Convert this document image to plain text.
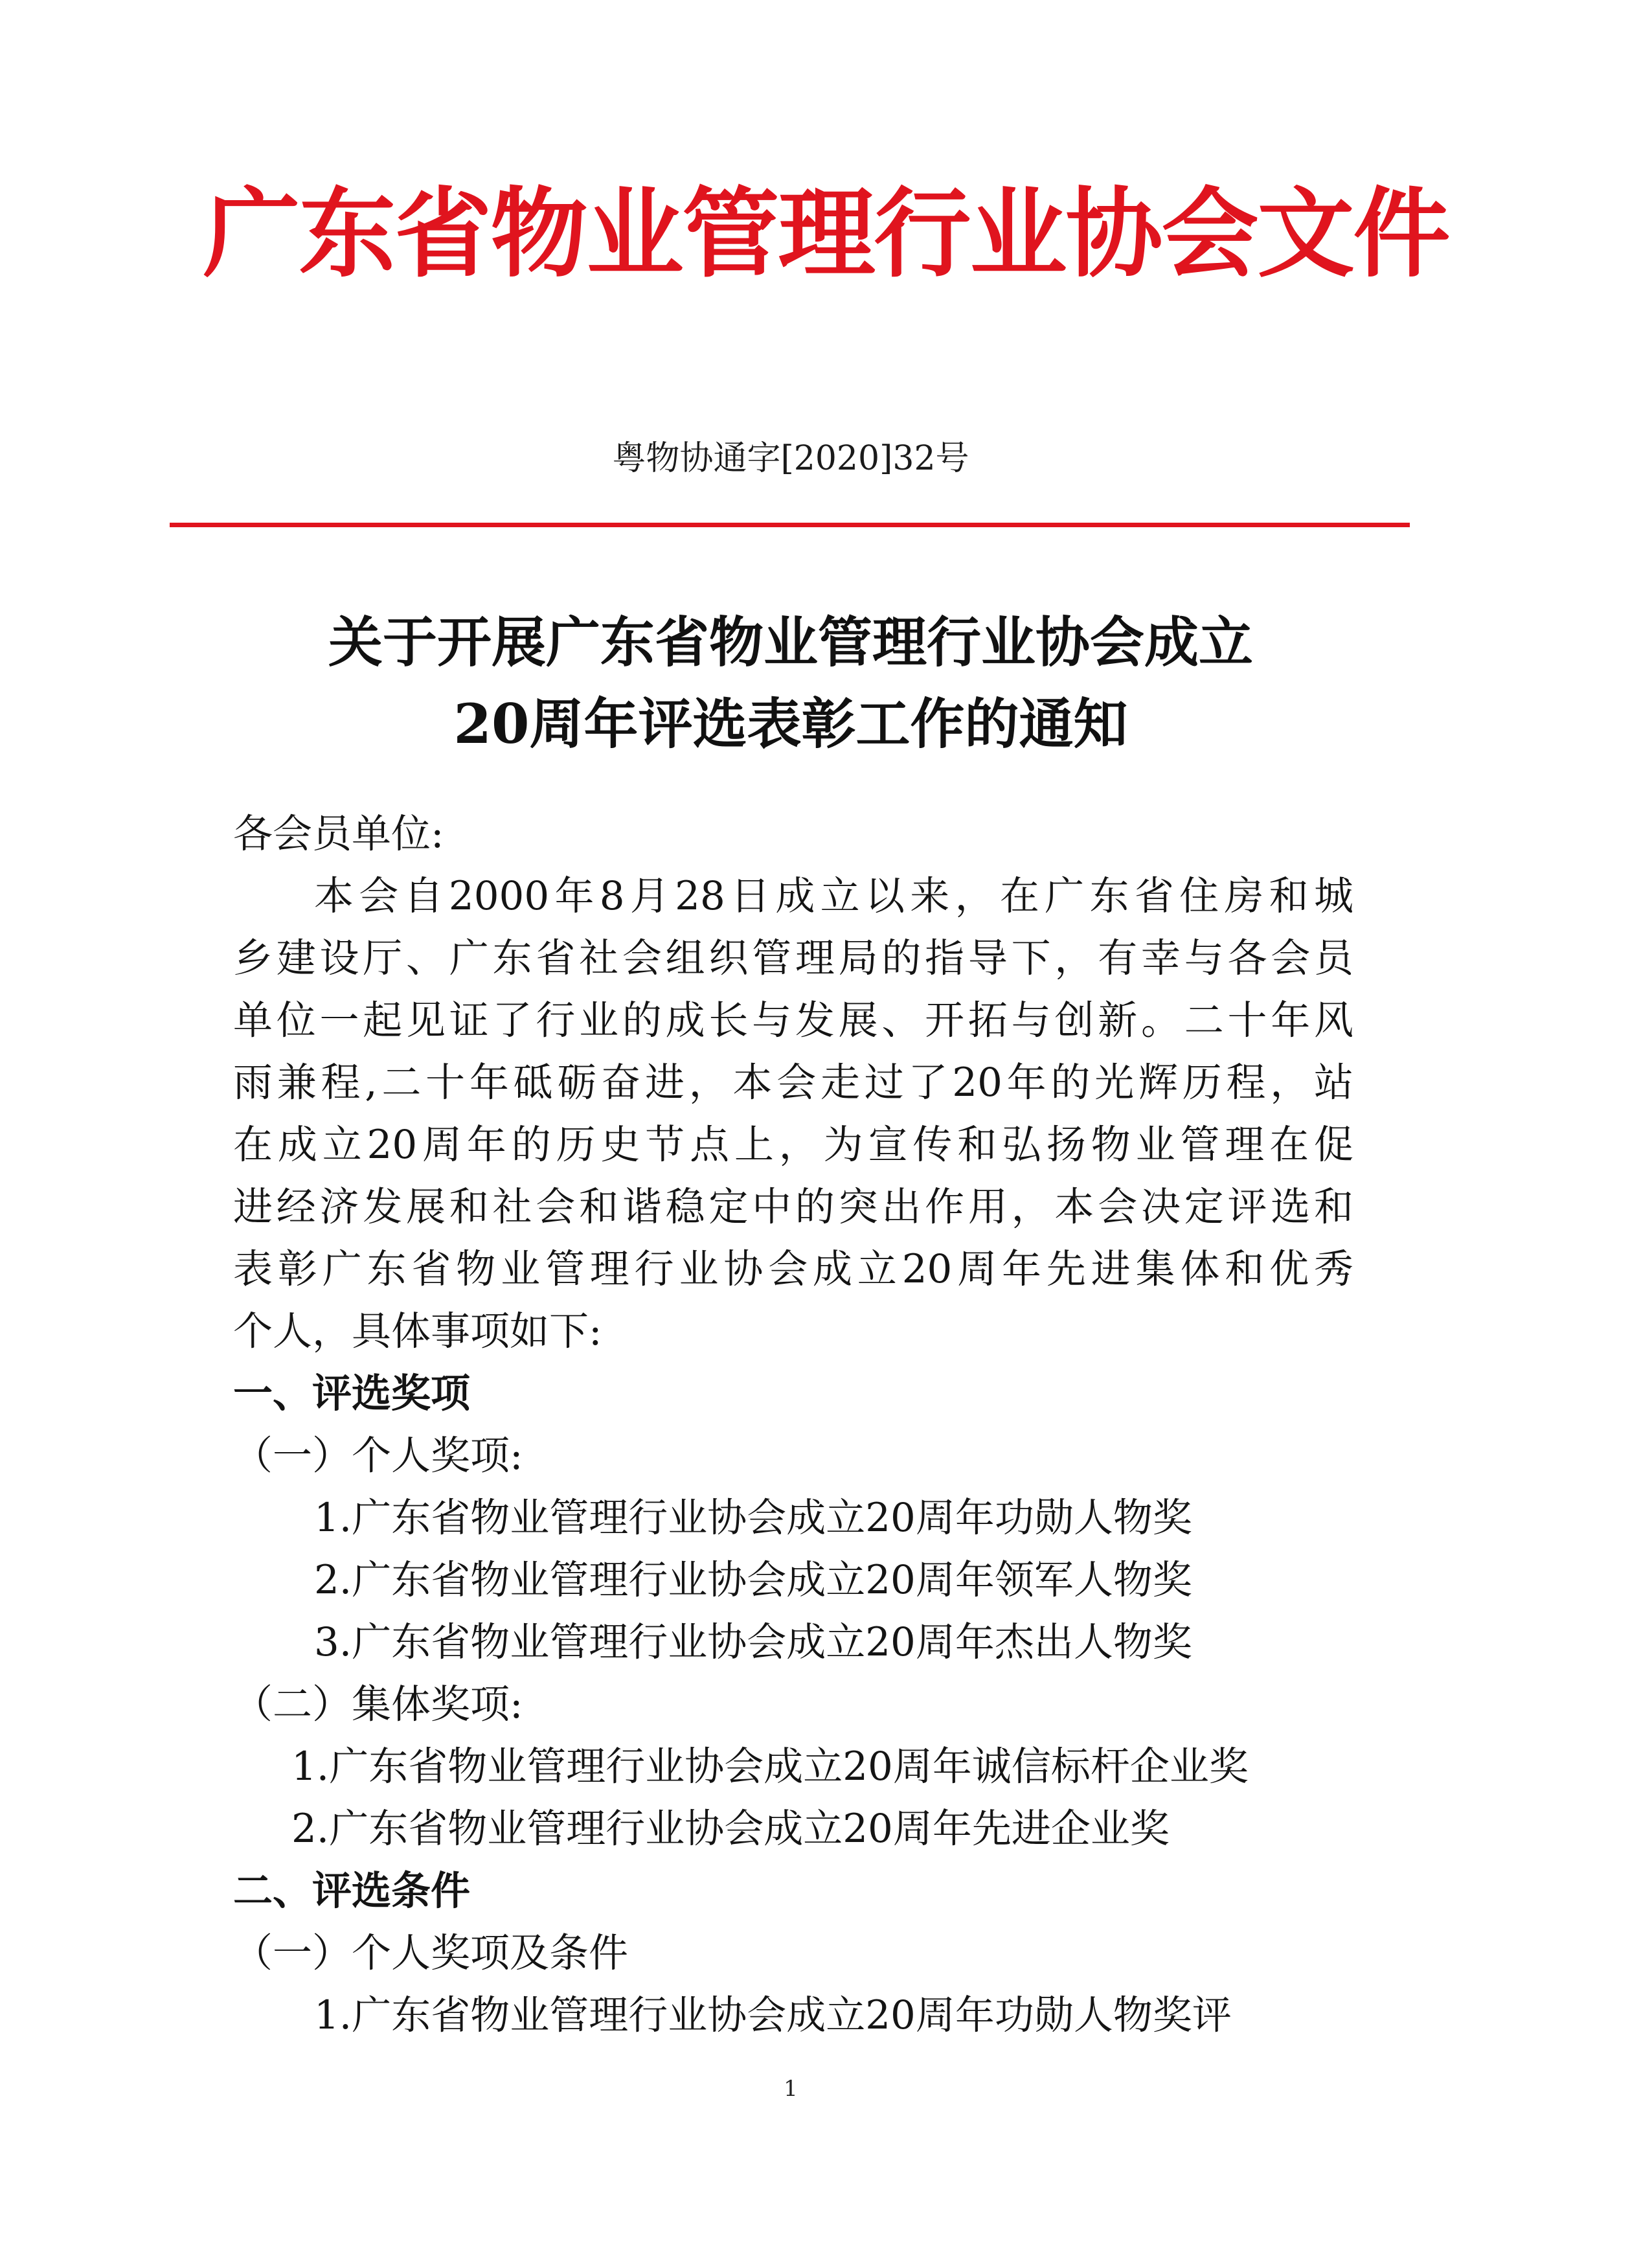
广东省物业管理行业协会文件
粤物协通字[2020]32号
关于开展广东省物业管理行业协会成立
20周年评选表彰工作的通知
各会员单位:
本会自2000年8月28日成立以来，在广东省住房和城
乡建设厅、广东省社会组织管理局的指导下，有幸与各会员
单位一起见证了行业的成长与发展、开拓与创新。二十年风
雨兼程,二十年砥砺奋进，本会走过了20年的光辉历程，站
在成立20周年的历史节点上，为宣传和弘扬物业管理在促
进经济发展和社会和谐稳定中的突出作用，本会决定评选和
表彰广东省物业管理行业协会成立20周年先进集体和优秀
个人，具体事项如下:
一、评选奖项
（一）个人奖项:
1.广东省物业管理行业协会成立20周年功勋人物奖
2.广东省物业管理行业协会成立20周年领军人物奖
3.广东省物业管理行业协会成立20周年杰出人物奖
（二）集体奖项:
1.广东省物业管理行业协会成立20周年诚信标杆企业奖
2.广东省物业管理行业协会成立20周年先进企业奖
二、评选条件
（一）个人奖项及条件
1.广东省物业管理行业协会成立20周年功勋人物奖评
1
